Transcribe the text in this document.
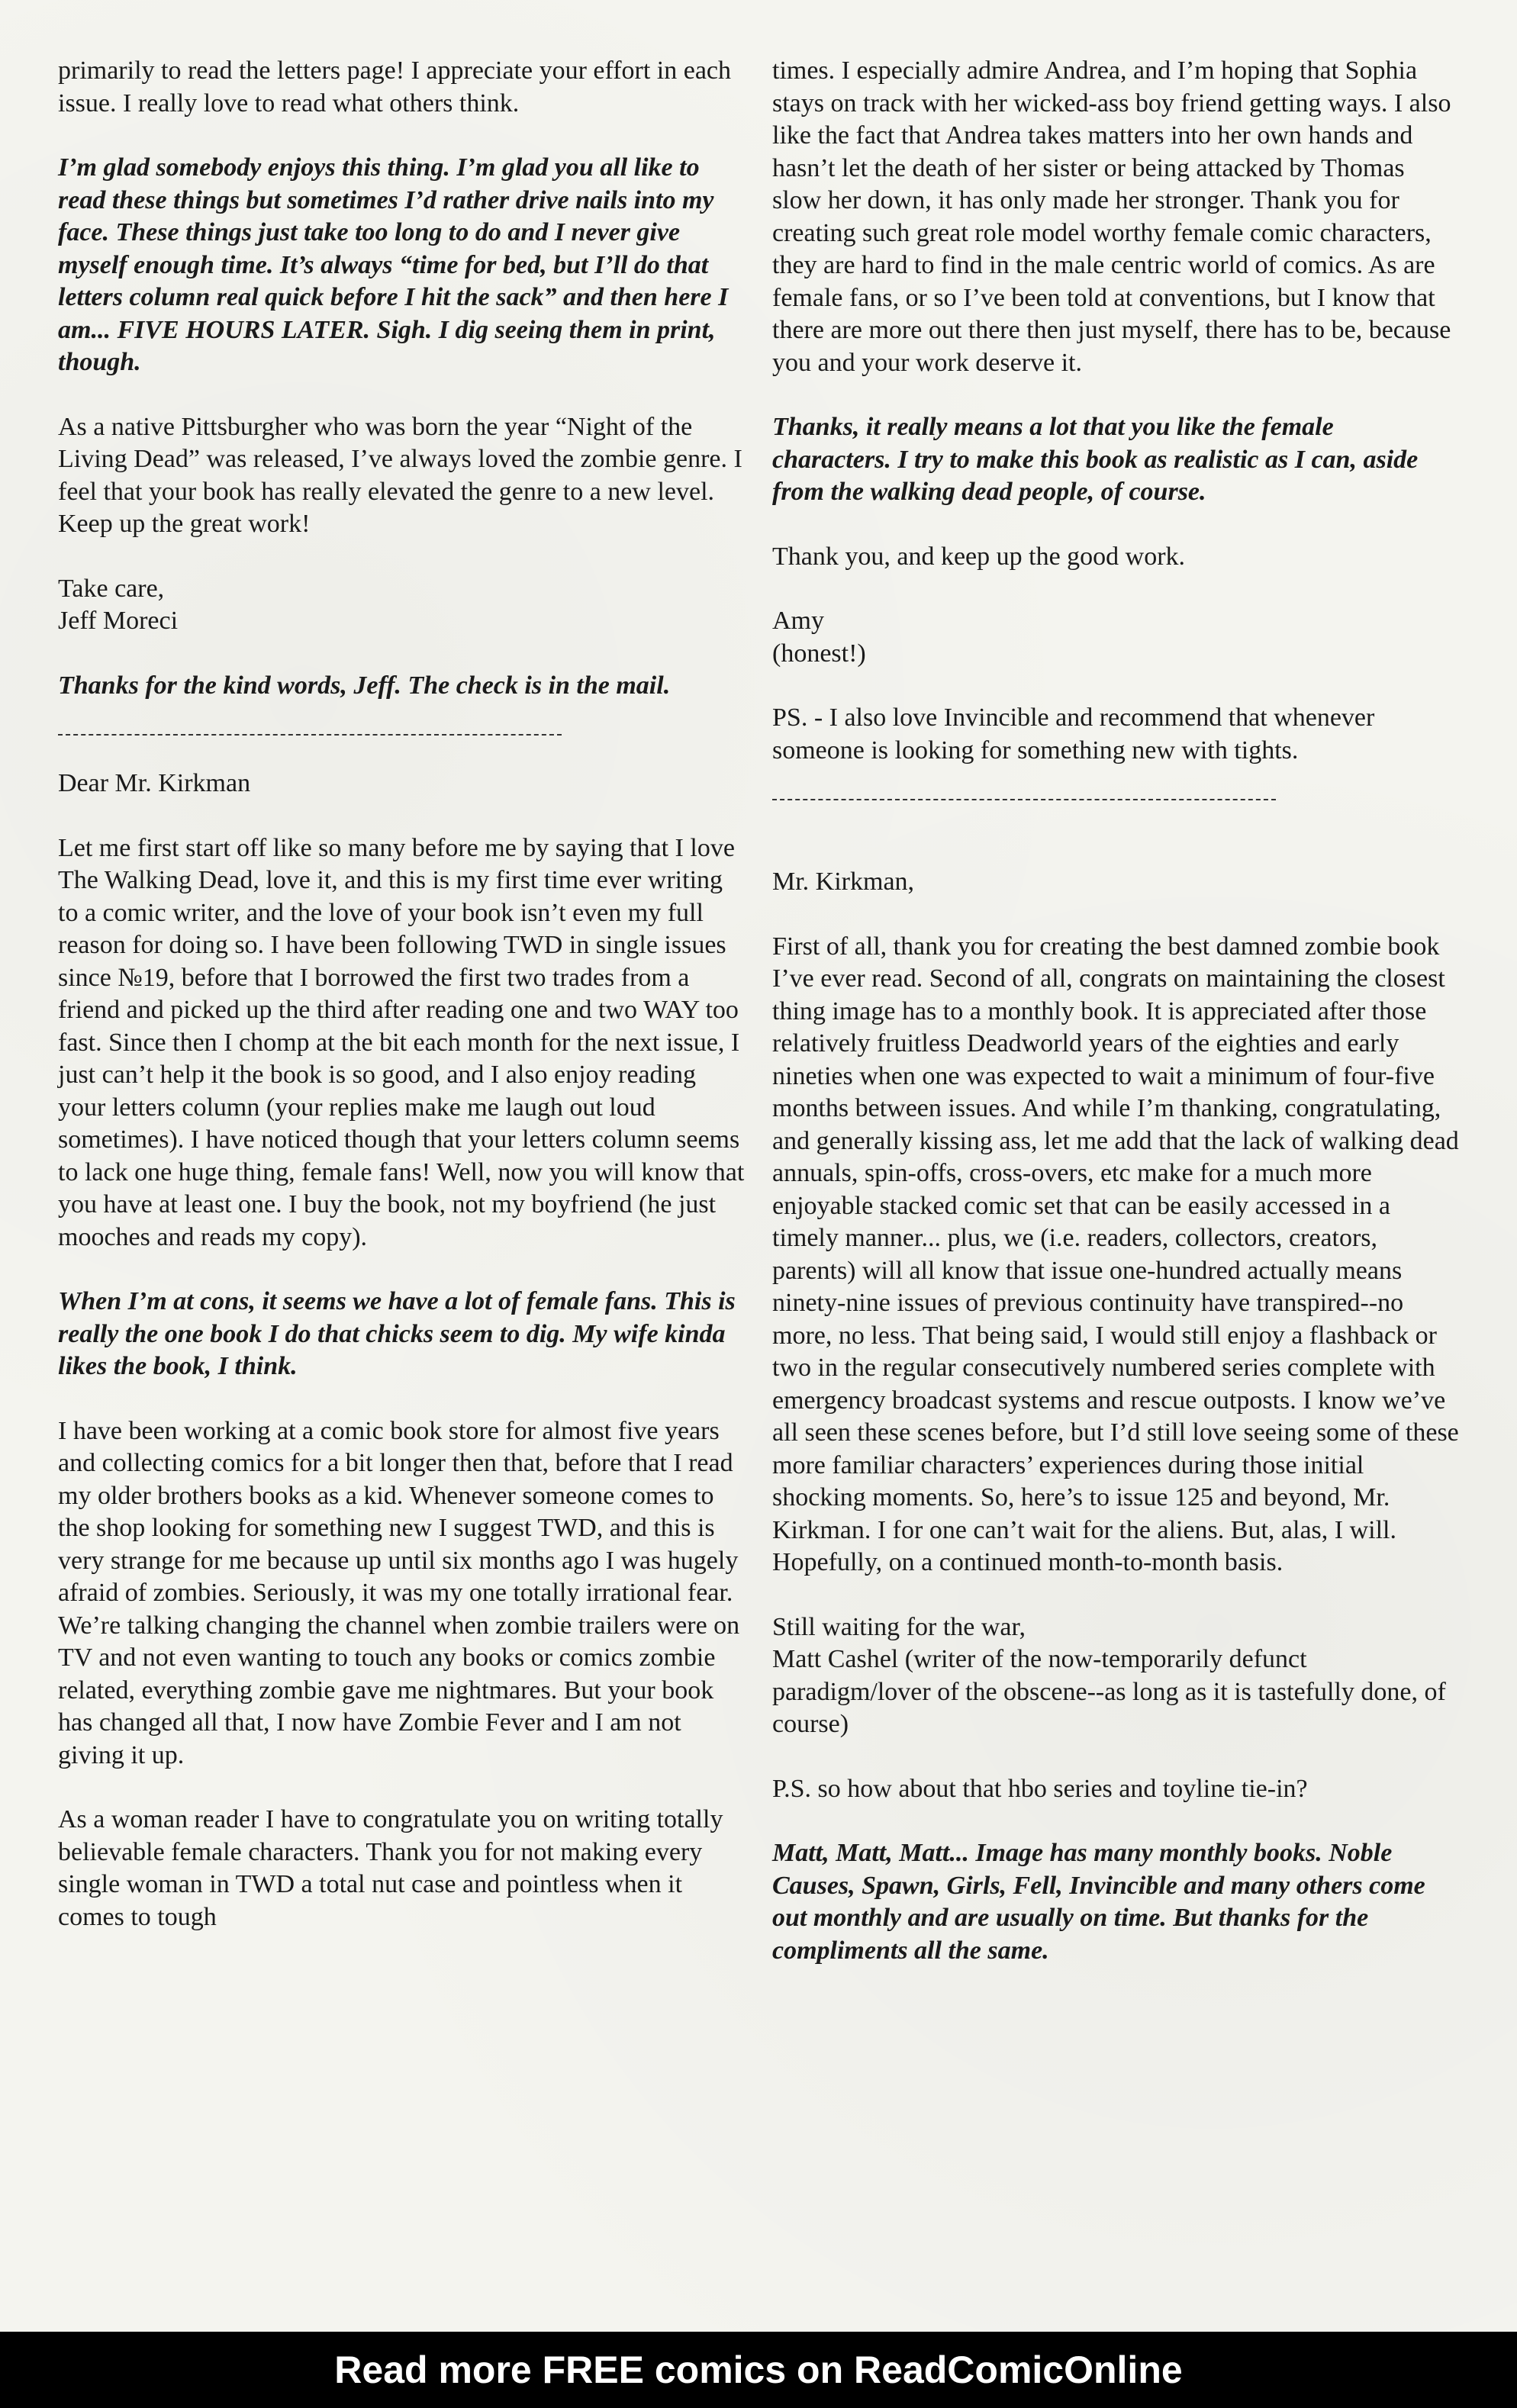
primarily to read the letters page! I appreciate your effort in each issue. I really love to read what others think.

I’m glad somebody enjoys this thing. I’m glad you all like to read these things but sometimes I’d rather drive nails into my face. These things just take too long to do and I never give myself enough time. It’s always “time for bed, but I’ll do that letters column real quick before I hit the sack” and then here I am... FIVE HOURS LATER. Sigh. I dig seeing them in print, though.

As a native Pittsburgher who was born the year “Night of the Living Dead” was released, I’ve always loved the zombie genre. I feel that your book has really elevated the genre to a new level. Keep up the great work!

Take care,

Jeff Moreci

Thanks for the kind words, Jeff. The check is in the mail.

Dear Mr. Kirkman

Let me first start off like so many before me by saying that I love The Walking Dead, love it, and this is my first time ever writing to a comic writer, and the love of your book isn’t even my full reason for doing so. I have been following TWD in single issues since №19, before that I borrowed the first two trades from a friend and picked up the third after reading one and two WAY too fast. Since then I chomp at the bit each month for the next issue, I just can’t help it the book is so good, and I also enjoy reading your letters column (your replies make me laugh out loud sometimes). I have noticed though that your letters column seems to lack one huge thing, female fans! Well, now you will know that you have at least one. I buy the book, not my boyfriend (he just mooches and reads my copy).

When I’m at cons, it seems we have a lot of female fans. This is really the one book I do that chicks seem to dig. My wife kinda likes the book, I think.

I have been working at a comic book store for almost five years and collecting comics for a bit longer then that, before that I read my older brothers books as a kid. Whenever someone comes to the shop looking for something new I suggest TWD, and this is very strange for me because up until six months ago I was hugely afraid of zombies. Seriously, it was my one totally irrational fear. We’re talking changing the channel when zombie trailers were on TV and not even wanting to touch any books or comics zombie related, everything zombie gave me nightmares. But your book has changed all that, I now have Zombie Fever and I am not giving it up.

As a woman reader I have to congratulate you on writing totally believable female characters. Thank you for not making every single woman in TWD a total nut case and pointless when it comes to tough

times. I especially admire Andrea, and I’m hoping that Sophia stays on track with her wicked-ass boy friend getting ways. I also like the fact that Andrea takes matters into her own hands and hasn’t let the death of her sister or being attacked by Thomas slow her down, it has only made her stronger. Thank you for creating such great role model worthy female comic characters, they are hard to find in the male centric world of comics. As are female fans, or so I’ve been told at conventions, but I know that there are more out there then just myself, there has to be, because you and your work deserve it.

Thanks, it really means a lot that you like the female characters. I try to make this book as realistic as I can, aside from the walking dead people, of course.

Thank you, and keep up the good work.

Amy

(honest!)

PS. - I also love Invincible and recommend that whenever someone is looking for something new with tights.

Mr. Kirkman,

First of all, thank you for creating the best damned zombie book I’ve ever read. Second of all, congrats on maintaining the closest thing image has to a monthly book. It is appreciated after those relatively fruitless Deadworld years of the eighties and early nineties when one was expected to wait a minimum of four-five months between issues. And while I’m thanking, congratulating, and generally kissing ass, let me add that the lack of walking dead annuals, spin-offs, cross-overs, etc make for a much more enjoyable stacked comic set that can be easily accessed in a timely manner... plus, we (i.e. readers, collectors, creators, parents) will all know that issue one-hundred actually means ninety-nine issues of previous continuity have transpired--no more, no less. That being said, I would still enjoy a flashback or two in the regular consecutively numbered series complete with emergency broadcast systems and rescue outposts. I know we’ve all seen these scenes before, but I’d still love seeing some of these more familiar characters’ experiences during those initial shocking moments. So, here’s to issue 125 and beyond, Mr. Kirkman. I for one can’t wait for the aliens. But, alas, I will. Hopefully, on a continued month-to-month basis.

Still waiting for the war,

Matt Cashel (writer of the now-temporarily defunct paradigm/lover of the obscene--as long as it is tastefully done, of course)

P.S. so how about that hbo series and toyline tie-in?

Matt, Matt, Matt... Image has many monthly books. Noble Causes, Spawn, Girls, Fell, Invincible and many others come out monthly and are usually on time. But thanks for the compliments all the same.

Read more FREE comics on ReadComicOnline
